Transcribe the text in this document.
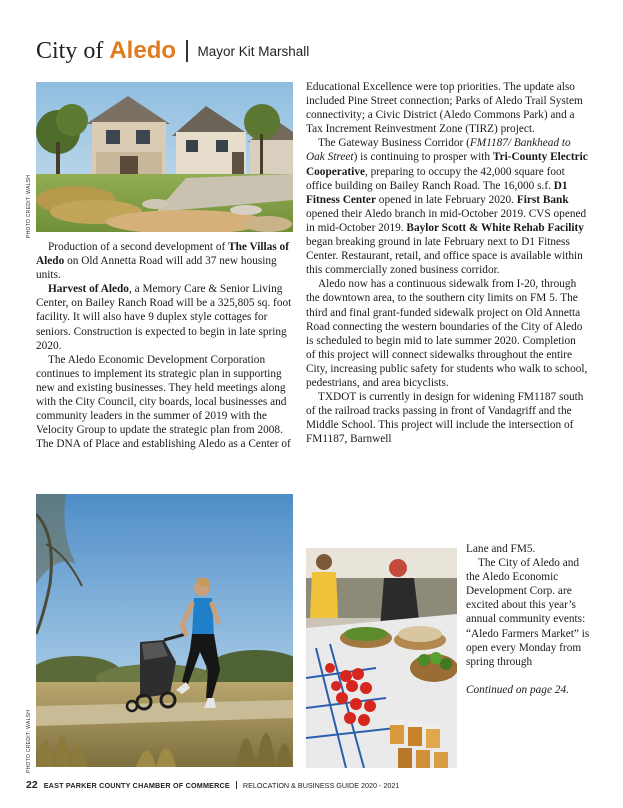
City of Aledo Mayor Kit Marshall
PHOTO CREDIT: WALSH

Production of a second development of The Villas of Aledo on Old Annetta Road will add 37 new housing units.

Harvest of Aledo, a Memory Care & Senior Living Center, on Bailey Ranch Road will be a 325,805 sq. foot facility. It will also have 9 duplex style cottages for seniors. Construction is expected to begin in late spring 2020.

The Aledo Economic Development Corporation continues to implement its strategic plan in supporting new and existing businesses. They held meetings along with the City Council, city boards, local businesses and community leaders in the summer of 2019 with the Velocity Group to update the strategic plan from 2008. The DNA of Place and establishing Aledo as a Center of

PHOTO CREDIT: WALSH

Educational Excellence were top priorities. The update also included Pine Street connection; Parks of Aledo Trail System connectivity; a Civic District (Aledo Commons Park) and a Tax Increment Reinvestment Zone (TIRZ) project.

The Gateway Business Corridor (FM1187/ Bankhead to Oak Street) is continuing to prosper with Tri-County Electric Cooperative, preparing to occupy the 42,000 square foot office building on Bailey Ranch Road. The 16,000 s.f. D1 Fitness Center opened in late February 2020. First Bank opened their Aledo branch in mid-October 2019. CVS opened in mid-October 2019. Baylor Scott & White Rehab Facility began breaking ground in late February next to D1 Fitness Center. Restaurant, retail, and office space is available within this commercially zoned business corridor.

Aledo now has a continuous sidewalk from I-20, through the downtown area, to the southern city limits on FM 5. The third and final grant-funded sidewalk project on Old Annetta Road connecting the western boundaries of the City of Aledo is scheduled to begin mid to late summer 2020. Completion of this project will connect sidewalks throughout the entire City, increasing public safety for students who walk to school, pedestrians, and area bicyclists.

TXDOT is currently in design for widening FM1187 south of the railroad tracks passing in front of Vandagriff and the Middle School. This project will include the intersection of FM1187, Barnwell

Lane and FM5.

The City of Aledo and the Aledo Economic Development Corp. are excited about this year’s annual community events: “Aledo Farmers Market” is open every Monday from spring through

Continued on page 24.

22 EAST PARKER COUNTY CHAMBER OF COMMERCE RELOCATION & BUSINESS GUIDE 2020 - 2021
